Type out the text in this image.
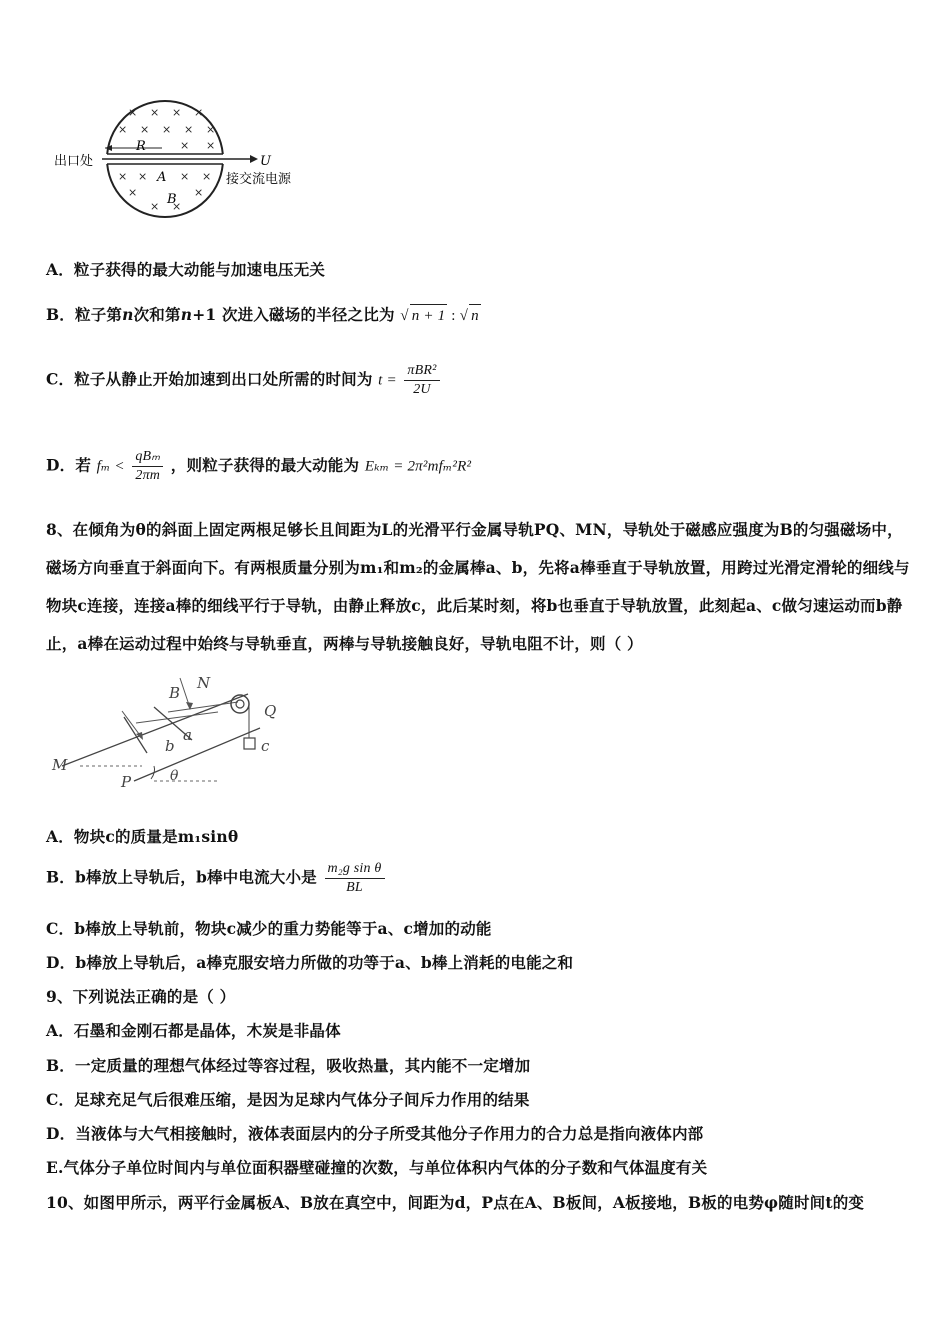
× × × ×
× × × × ×
× ×
× ×	× ×
×	×
× ×
R
A
B
出口处	U
接交流电源
A．粒子获得的最大动能与加速电压无关
B．粒子第n次和第n+1 次进入磁场的半径之比为 √ n + 1 : √ n
C．粒子从静止开始加速到出口处所需的时间为 $t = \frac{\text{πBR²}}{2U}$
D．若 $f_m < \frac{\text{qBₘ}}{2\pi m}$ ，则粒子获得的最大动能为 Eₖₘ = 2π²mfₘ²R²
8、在倾角为θ的斜面上固定两根足够长且间距为L的光滑平行金属导轨PQ、MN，导轨处于磁感应强度为B的匀强磁场中，磁场方向垂直于斜面向下。有两根质量分别为m₁和m₂的金属棒a、b，先将a棒垂直于导轨放置，用跨过光滑定滑轮的细线与物块c连接，连接a棒的细线平行于导轨，由静止释放c，此后某时刻，将b也垂直于导轨放置，此刻起a、c做匀速运动而b静止，a棒在运动过程中始终与导轨垂直，两棒与导轨接触良好，导轨电阻不计，则（ ）
N
B
Q
a
b	c
M
P	θ
A．物块c的质量是m₁sinθ
B．b棒放上导轨后，b棒中电流大小是 $\frac{\text{m₂g sin θ}}{BL}$
C．b棒放上导轨前，物块c减少的重力势能等于a、c增加的动能
D．b棒放上导轨后，a棒克服安培力所做的功等于a、b棒上消耗的电能之和
9、下列说法正确的是（ ）
A．石墨和金刚石都是晶体，木炭是非晶体
B．一定质量的理想气体经过等容过程，吸收热量，其内能不一定增加
C．足球充足气后很难压缩，是因为足球内气体分子间斥力作用的结果
D．当液体与大气相接触时，液体表面层内的分子所受其他分子作用力的合力总是指向液体内部
E.气体分子单位时间内与单位面积器壁碰撞的次数，与单位体积内气体的分子数和气体温度有关
10、如图甲所示，两平行金属板A、B放在真空中，间距为d，P点在A、B板间，A板接地，B板的电势φ随时间t的变
